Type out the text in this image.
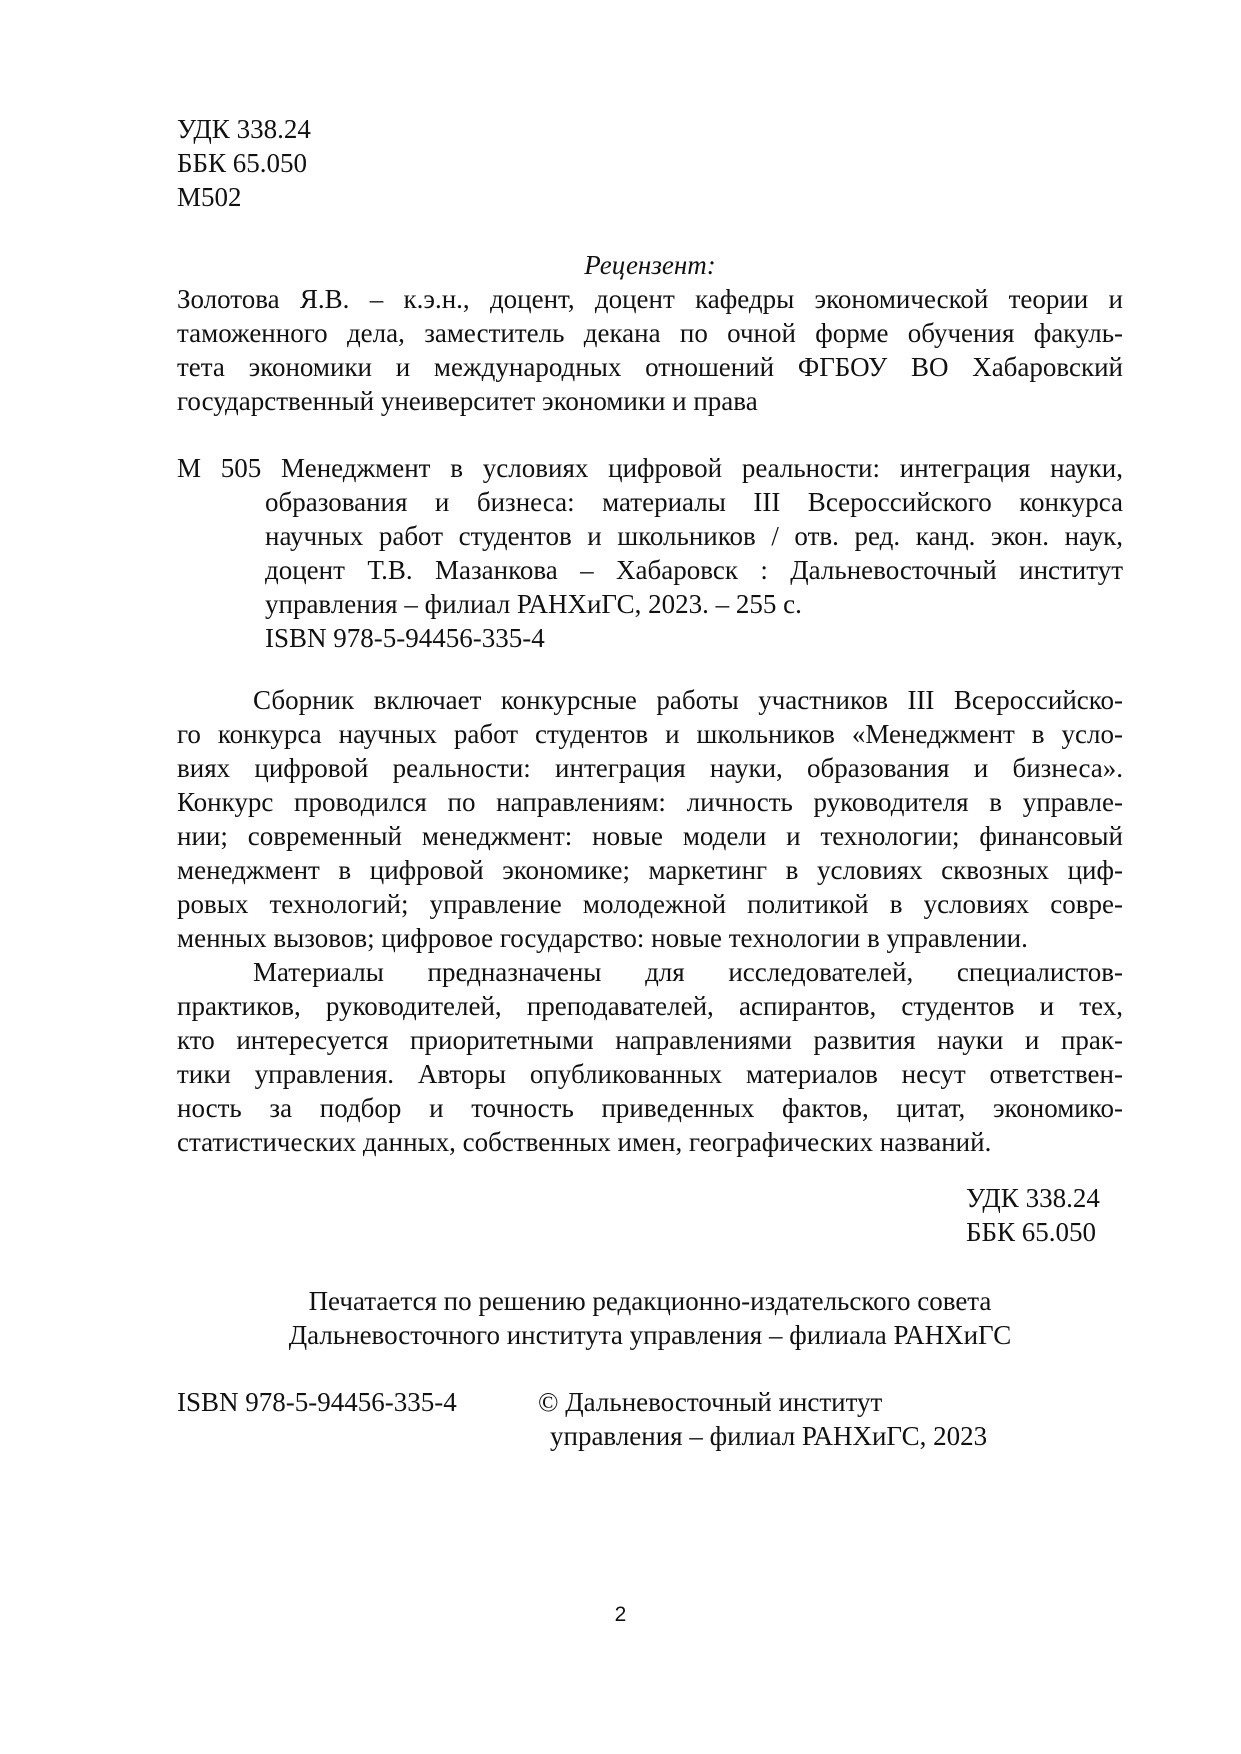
УДК 338.24
ББК 65.050
М502
Рецензент:
Золотова Я.В. – к.э.н., доцент, доцент кафедры экономической теории и
таможенного дела, заместитель декана по очной форме обучения факуль-
тета экономики и международных отношений ФГБОУ ВО Хабаровский
государственный унеиверситет экономики и права
М 505 Менеджмент в условиях цифровой реальности: интеграция науки,
образования и бизнеса: материалы III Всероссийского конкурса
научных работ студентов и школьников / отв. ред. канд. экон. наук,
доцент Т.В. Мазанкова – Хабаровск : Дальневосточный институт
управления – филиал РАНХиГС, 2023. – 255 с.
ISBN 978-5-94456-335-4
Сборник включает конкурсные работы участников III Всероссийско-
го конкурса научных работ студентов и школьников «Менеджмент в усло-
виях цифровой реальности: интеграция науки, образования и бизнеса».
Конкурс проводился по направлениям: личность руководителя в управле-
нии; современный менеджмент: новые модели и технологии; финансовый
менеджмент в цифровой экономике; маркетинг в условиях сквозных циф-
ровых технологий; управление молодежной политикой в условиях совре-
менных вызовов; цифровое государство: новые технологии в управлении.
Материалы предназначены для исследователей, специалистов-
практиков, руководителей, преподавателей, аспирантов, студентов и тех,
кто интересуется приоритетными направлениями развития науки и прак-
тики управления. Авторы опубликованных материалов несут ответствен-
ность за подбор и точность приведенных фактов, цитат, экономико-
статистических данных, собственных имен, географических названий.
УДК 338.24
ББК 65.050
Печатается по решению редакционно-издательского совета
Дальневосточного института управления – филиала РАНХиГС
ISBN 978-5-94456-335-4	© Дальневосточный институт
управления – филиал РАНХиГС, 2023
2
